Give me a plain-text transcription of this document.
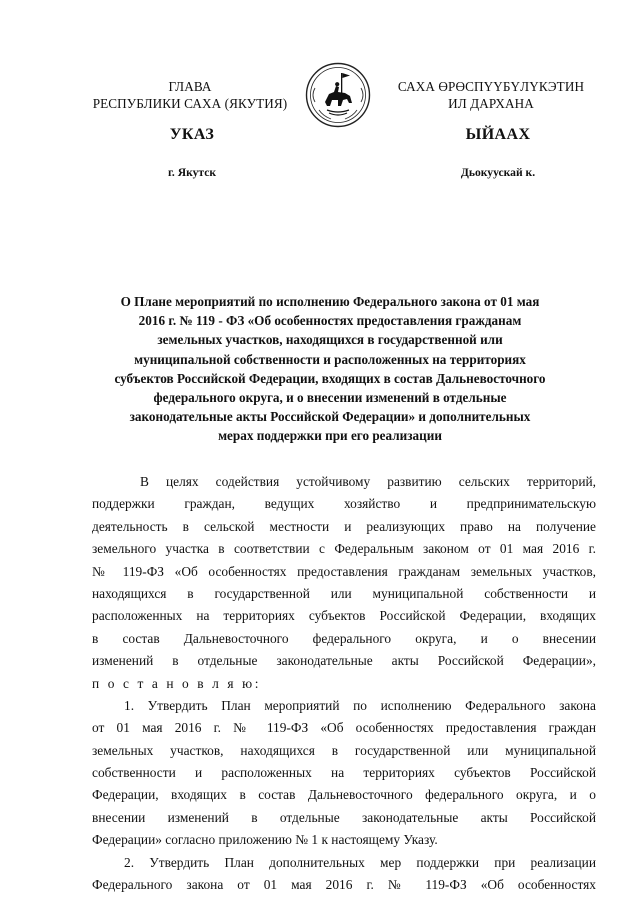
ГЛАВА
РЕСПУБЛИКИ САХА (ЯКУТИЯ)
САХА ӨРӨСПҮҮБҮЛҮКЭТИН
ИЛ ДАРХАНА
УКАЗ	ЫЙААХ
г. Якутск	Дьокуускай к.
О Плане мероприятий по исполнению Федерального закона от 01 мая
2016 г. № 119 - ФЗ «Об особенностях предоставления гражданам
земельных участков, находящихся в государственной или
муниципальной собственности и расположенных на территориях
субъектов Российской Федерации, входящих в состав Дальневосточного
федерального округа, и о внесении изменений в отдельные
законодательные акты Российской Федерации» и дополнительных
мерах поддержки при его реализации
В целях содействия устойчивому развитию сельских территорий,
поддержки граждан, ведущих хозяйство и предпринимательскую
деятельность в сельской местности и реализующих право на получение
земельного участка в соответствии с Федеральным законом от 01 мая 2016 г.
№ 119-ФЗ «Об особенностях предоставления гражданам земельных участков,
находящихся в государственной или муниципальной собственности и
расположенных на территориях субъектов Российской Федерации, входящих
в состав Дальневосточного федерального округа, и о внесении
изменений в отдельные законодательные акты Российской Федерации»,
п о с т а н о в л я ю:
1. Утвердить План мероприятий по исполнению Федерального закона
от 01 мая 2016 г. № 119-ФЗ «Об особенностях предоставления граждан
земельных участков, находящихся в государственной или муниципальной
собственности и расположенных на территориях субъектов Российской
Федерации, входящих в состав Дальневосточного федерального округа, и о
внесении изменений в отдельные законодательные акты Российской
Федерации» согласно приложению № 1 к настоящему Указу.
2. Утвердить План дополнительных мер поддержки при реализации
Федерального закона от 01 мая 2016 г. № 119-ФЗ «Об особенностях
